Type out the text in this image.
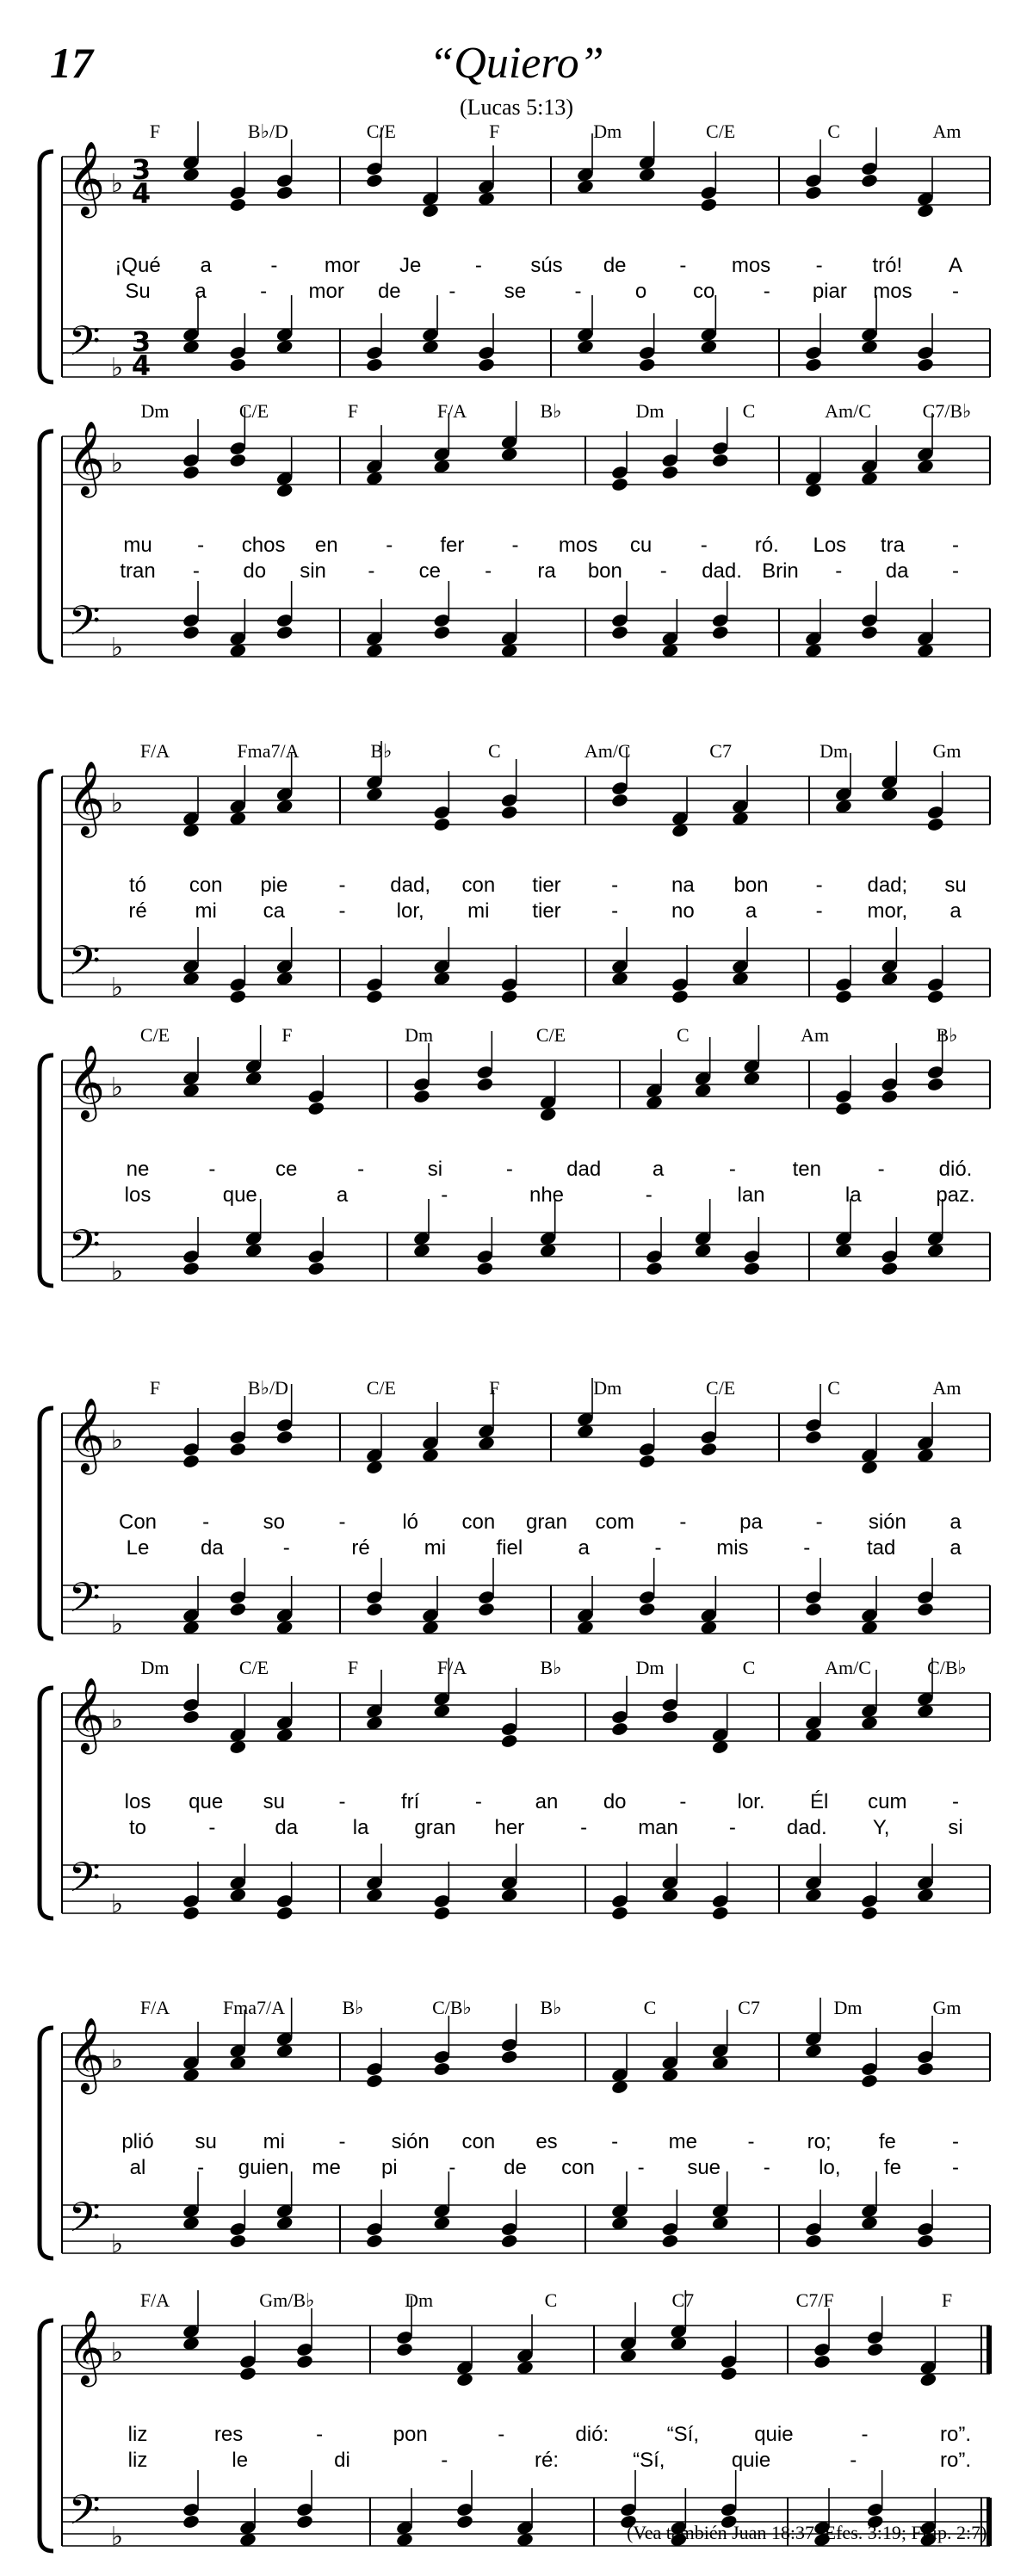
17	“Quiero”
(Lucas 5:13)
𝄞
𝄢
♭
♭
3
4
3
4
F	B♭/D	C/E	F	Dm	C/E	C	Am
¡Qué a	- mor Je	- sús de	- mos - tró! A
Su a	- mor de - se -	o co - piar mos -
𝄞
𝄢
♭
♭
Dm	C/E	F	F/A	B♭	Dm	C	Am/C	C7/B♭
mu - chos en - fer - mos cu - ró. Los tra -
tran - do sin - ce - ra bon - dad. Brin - da -
𝄞
𝄢
♭
♭
F/A	Fma7/A	B♭	C	Am/C	C7	Dm	Gm
tó con pie - dad, con tier -	na bon - dad; su
ré mi ca	- lor, mi tier -	no a	- mor, a
𝄞
𝄢
♭
♭
C/E	F	Dm	C/E	C	Am	B♭
ne	-	ce	-	si	-	dad a	-	ten	-	dió.
los	que	a	-	nhe	-	lan	la	paz.
𝄞
𝄢
♭
♭
F	B♭/D	C/E	F	Dm	C/E	C	Am
Con -	so	-	ló con gran com -	pa	- sión a
Le da	-	ré	mi fiel	a	-	mis	-	tad	a
𝄞
𝄢
♭
♭
Dm	C/E	F	F/A	B♭	Dm	C	Am/C	C/B♭
los que su	-	frí	-	an do	- lor. Él cum -
to	-	da	la gran her	- man - dad. Y,	si
𝄞
𝄢
♭
♭
F/A	Fma7/A	B♭	C/B♭	B♭	C	C7	Dm	Gm
plió su mi	- sión con es	- me -	ro; fe	-
al - guien me pi - de con - sue - lo, fe -
𝄞
𝄢
♭
♭
F/A	Gm/B♭	Dm	C	C7	C7/F	F
liz	res	-	pon	-	dió:	“Sí,	quie	-	ro”.
liz	le	di	-	ré:	“Sí,	quie	-	ro”.
(Vea también Juan 18:37; Efes. 3:19; Filip. 2:7).
